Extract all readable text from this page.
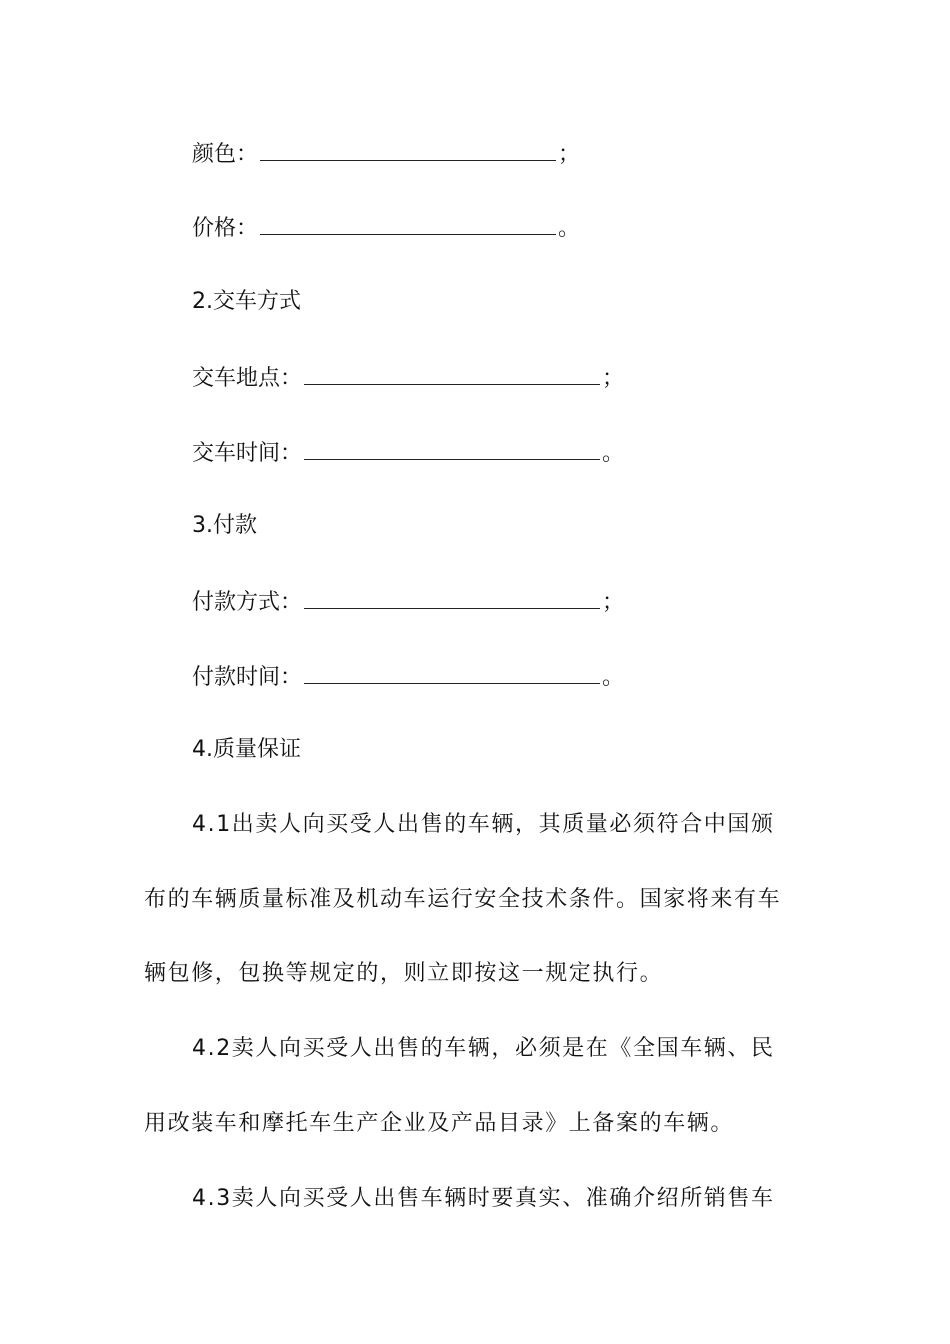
颜色：	；
价格：	。
2.交车方式
交车地点：	；
交车时间：	。
3.付款
付款方式：	；
付款时间：	。
4.质量保证
4.1出卖人向买受人出售的车辆，其质量必须符合中国颁
布的车辆质量标准及机动车运行安全技术条件。国家将来有车
辆包修，包换等规定的，则立即按这一规定执行。
4.2卖人向买受人出售的车辆，必须是在《全国车辆、民
用改装车和摩托车生产企业及产品目录》上备案的车辆。
4.3卖人向买受人出售车辆时要真实、准确介绍所销售车
